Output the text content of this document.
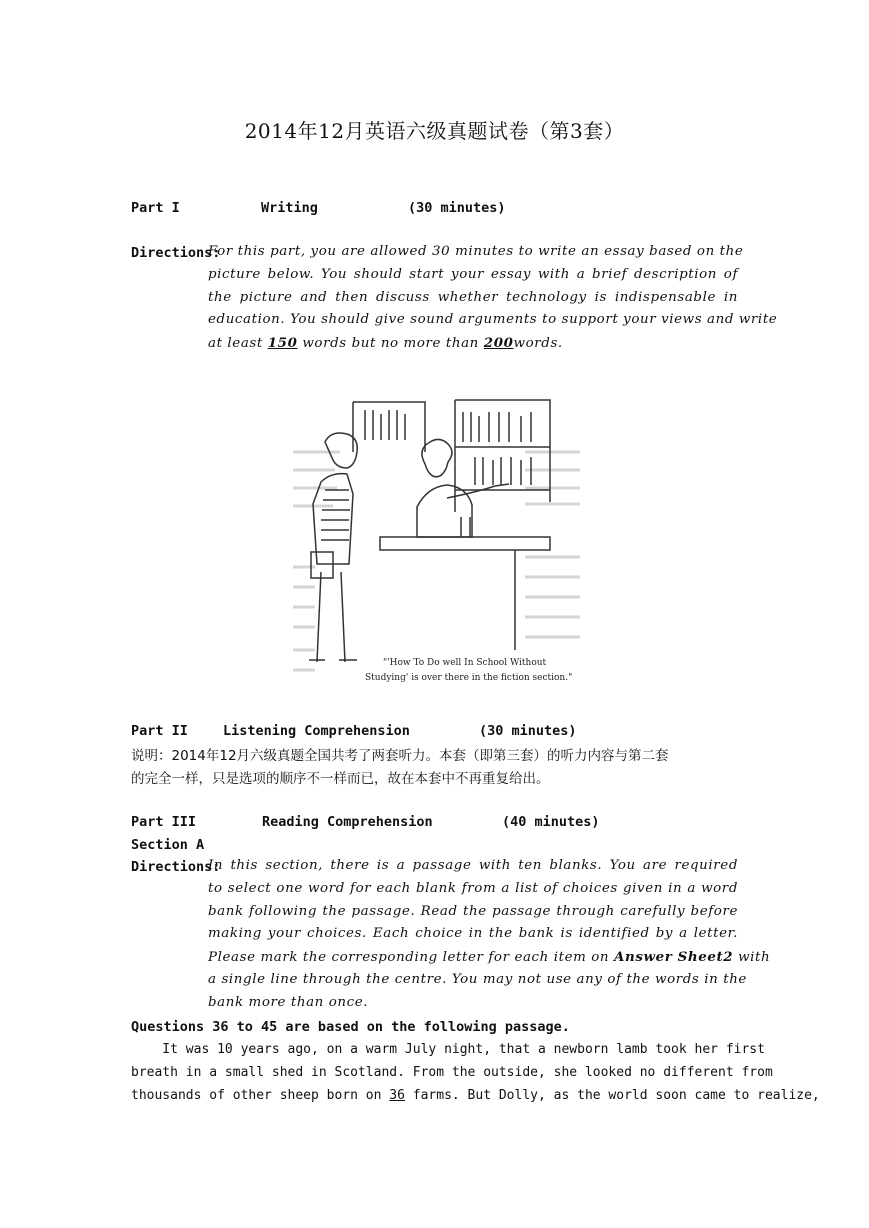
2014年12月英语六级真题试卷（第3套）
Part I	Writing	(30 minutes)
Directions:
For this part, you are allowed 30 minutes to write an essay based on the
picture below. You should start your essay with a brief description of
the picture and then discuss whether technology is indispensable in
education. You should give sound arguments to support your views and write
at least 150 words but no more than 200words.
"'How To Do well In School Without
Studying' is over there in the fiction section."
Part II	Listening Comprehension	(30 minutes)
说明：2014年12月六级真题全国共考了两套听力。本套（即第三套）的听力内容与第二套
的完全一样，只是选项的顺序不一样而已，故在本套中不再重复给出。
Part III	Reading Comprehension	(40 minutes)
Section A
Directions:
In this section, there is a passage with ten blanks. You are required
to select one word for each blank from a list of choices given in a word
bank following the passage. Read the passage through carefully before
making your choices. Each choice in the bank is identified by a letter.
Please mark the corresponding letter for each item on Answer Sheet2 with
a single line through the centre. You may not use any of the words in the
bank more than once.
Questions 36 to 45 are based on the following passage.
It was 10 years ago, on a warm July night, that a newborn lamb took her first
breath in a small shed in Scotland. From the outside, she looked no different from
thousands of other sheep born on 36 farms. But Dolly, as the world soon came to realize,
